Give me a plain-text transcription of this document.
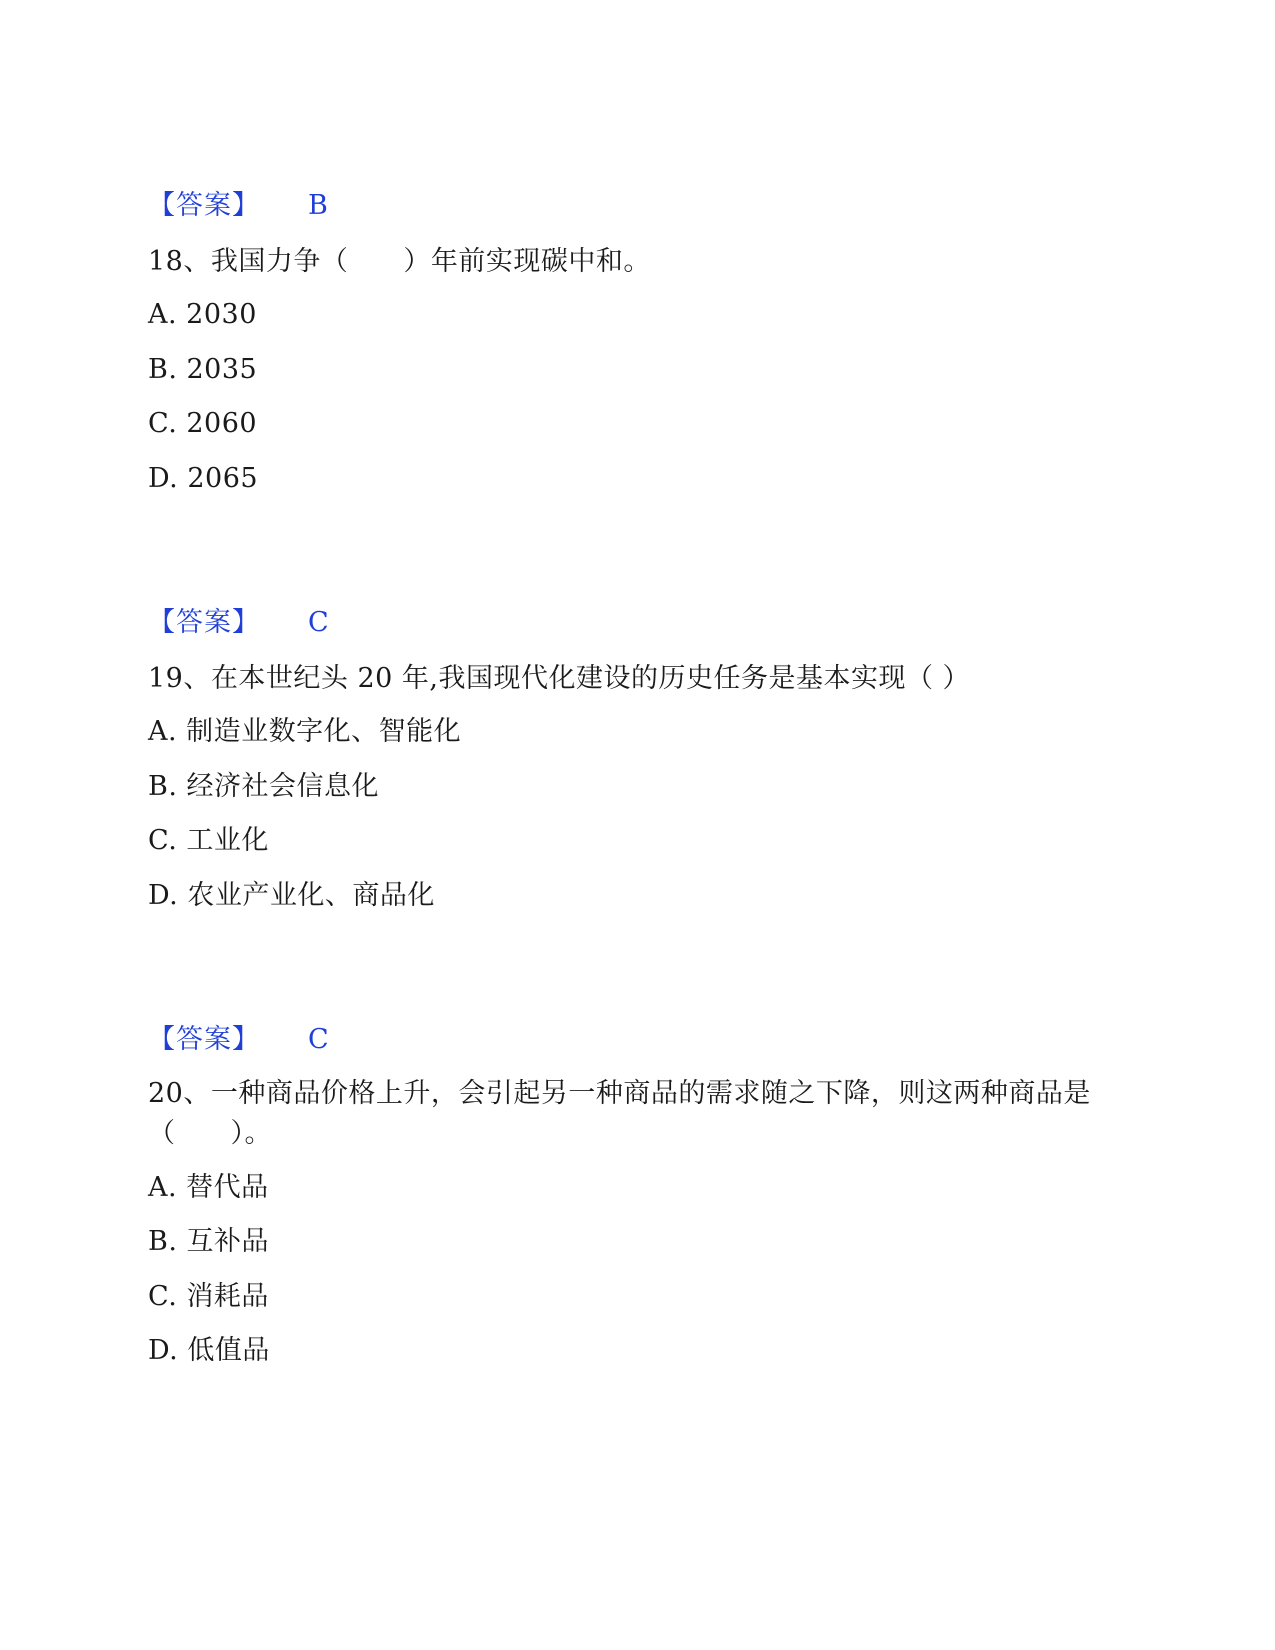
【答案】 B
18、我国力争（　　）年前实现碳中和。
A. 2030
B. 2035
C. 2060
D. 2065
【答案】 C
19、在本世纪头 20 年,我国现代化建设的历史任务是基本实现（ ）
A. 制造业数字化、智能化
B. 经济社会信息化
C. 工业化
D. 农业产业化、商品化
【答案】 C
20、一种商品价格上升，会引起另一种商品的需求随之下降，则这两种商品是（　　）。
A. 替代品
B. 互补品
C. 消耗品
D. 低值品
